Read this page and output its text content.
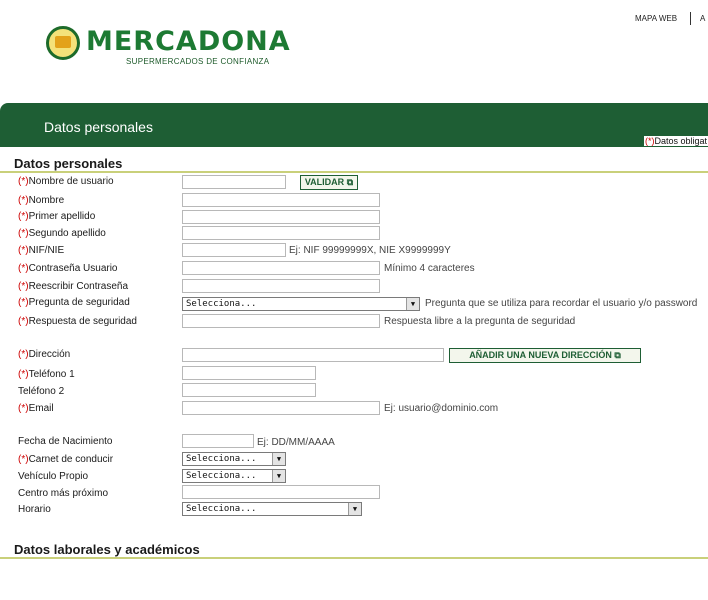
MERCADONA
SUPERMERCADOS DE CONFIANZA
MAPA WEB	A
Datos personales
(*)Datos obligat
Datos personales
(*)Nombre de usuario	VALIDAR ⧉
(*)Nombre
(*)Primer apellido
(*)Segundo apellido
(*)NIF/NIE	Ej: NIF 99999999X, NIE X9999999Y
(*)Contraseña Usuario	Mínimo 4 caracteres
(*)Reescribir Contraseña
(*)Pregunta de seguridad	Selecciona...	▼ Pregunta que se utiliza para recordar el usuario y/o password
(*)Respuesta de seguridad	Respuesta libre a la pregunta de seguridad
(*)Dirección	AÑADIR UNA NUEVA DIRECCIÓN ⧉
(*)Teléfono 1
Teléfono 2
(*)Email	Ej: usuario@dominio.com
Fecha de Nacimiento	Ej: DD/MM/AAAA
(*)Carnet de conducir	Selecciona...	▼
Vehículo Propio	Selecciona...	▼
Centro más próximo
Horario	Selecciona...	▼
Datos laborales y académicos
